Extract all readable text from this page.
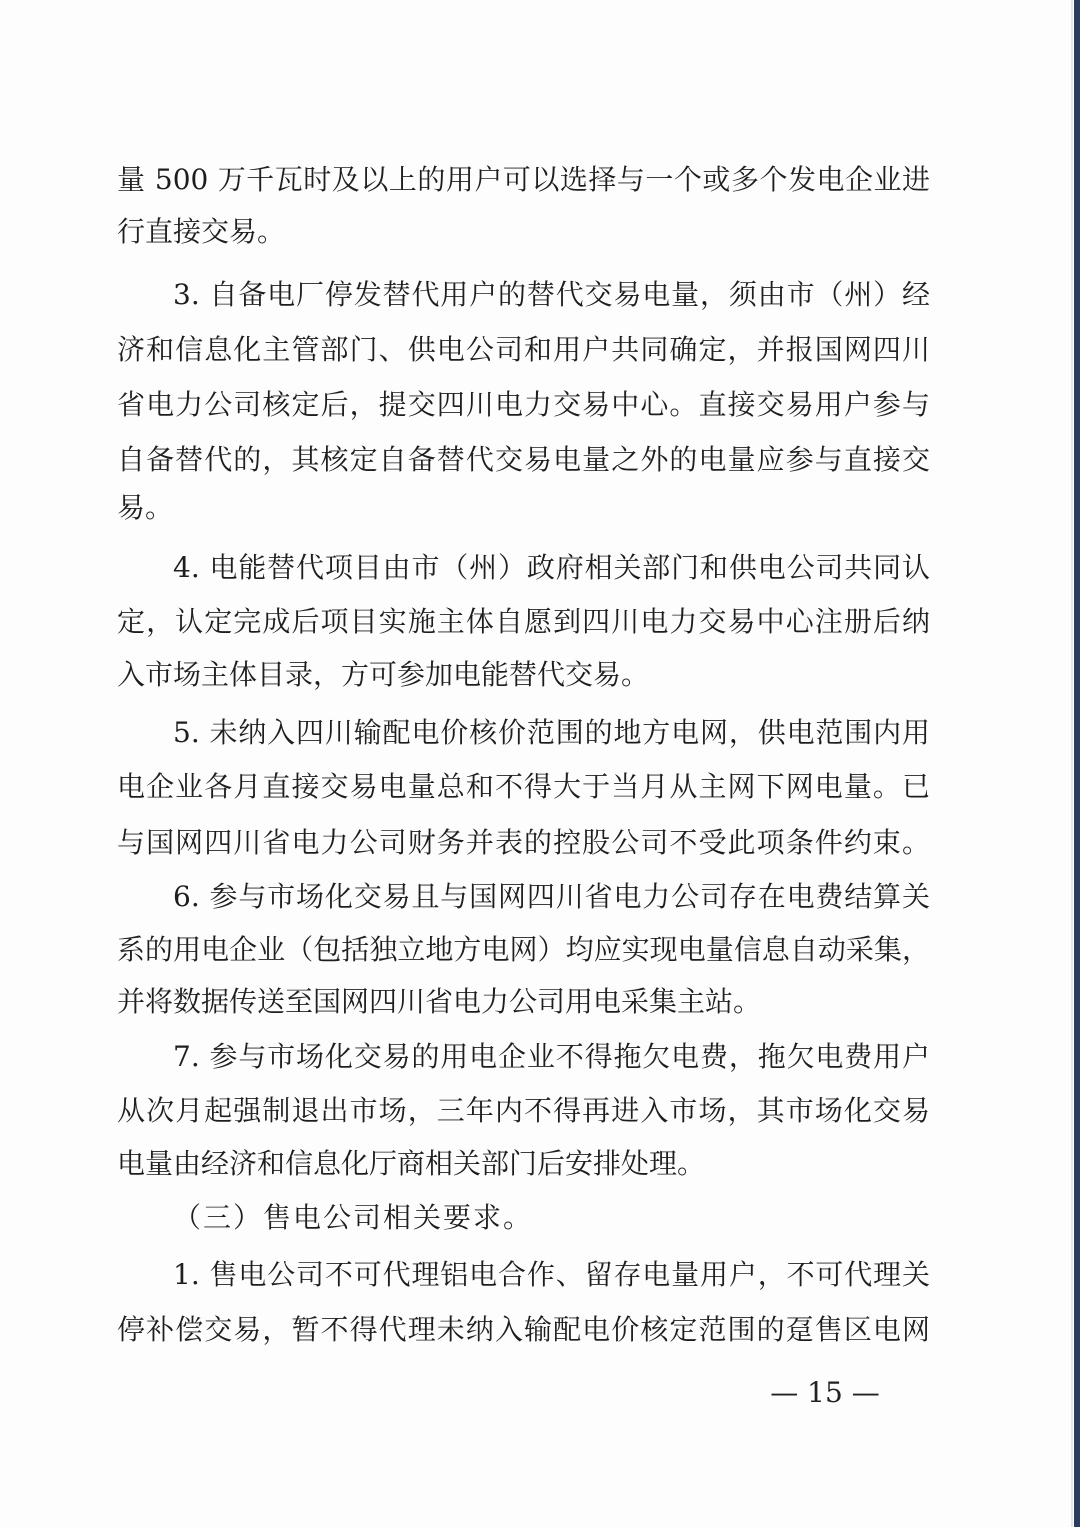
量 500 万千瓦时及以上的用户可以选择与一个或多个发电企业进
行直接交易。
3. 自备电厂停发替代用户的替代交易电量，须由市（州）经
济和信息化主管部门、供电公司和用户共同确定，并报国网四川
省电力公司核定后，提交四川电力交易中心。直接交易用户参与
自备替代的，其核定自备替代交易电量之外的电量应参与直接交
易。
4. 电能替代项目由市（州）政府相关部门和供电公司共同认
定，认定完成后项目实施主体自愿到四川电力交易中心注册后纳
入市场主体目录，方可参加电能替代交易。
5. 未纳入四川输配电价核价范围的地方电网，供电范围内用
电企业各月直接交易电量总和不得大于当月从主网下网电量。已
与国网四川省电力公司财务并表的控股公司不受此项条件约束。
6. 参与市场化交易且与国网四川省电力公司存在电费结算关
系的用电企业（包括独立地方电网）均应实现电量信息自动采集，
并将数据传送至国网四川省电力公司用电采集主站。
7. 参与市场化交易的用电企业不得拖欠电费，拖欠电费用户
从次月起强制退出市场，三年内不得再进入市场，其市场化交易
电量由经济和信息化厅商相关部门后安排处理。
（三）售电公司相关要求。
1. 售电公司不可代理铝电合作、留存电量用户，不可代理关
停补偿交易，暂不得代理未纳入输配电价核定范围的趸售区电网
— 15 —
